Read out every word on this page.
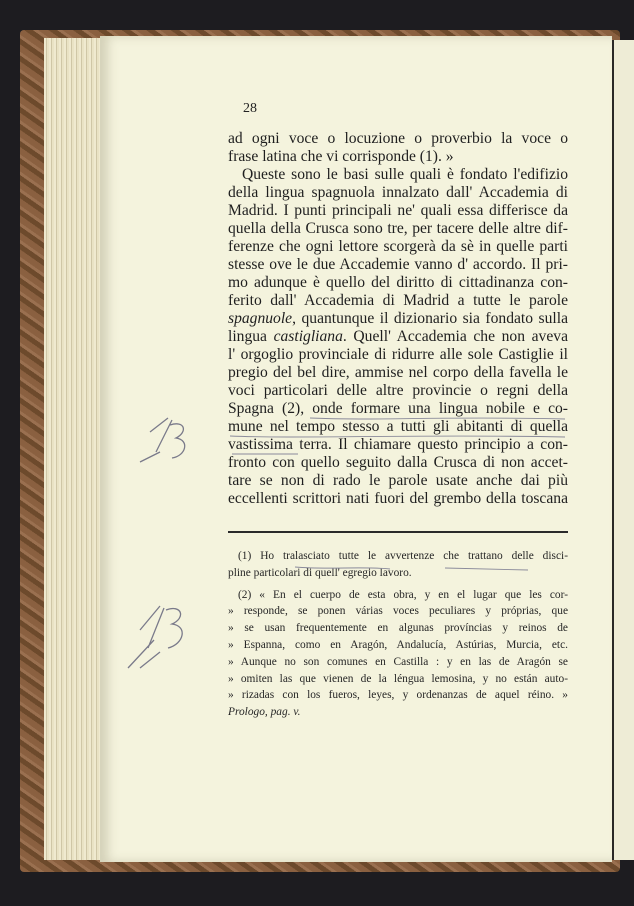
28
ad ogni voce o locuzione o proverbio la voce o
frase latina che vi corrisponde (1). »
Queste sono le basi sulle quali è fondato l'edifizio
della lingua spagnuola innalzato dall' Accademia di
Madrid. I punti principali ne' quali essa differisce da
quella della Crusca sono tre, per tacere delle altre dif-
ferenze che ogni lettore scorgerà da sè in quelle parti
stesse ove le due Accademie vanno d' accordo. Il pri-
mo adunque è quello del diritto di cittadinanza con-
ferito dall' Accademia di Madrid a tutte le parole
spagnuole, quantunque il dizionario sia fondato sulla
lingua castigliana. Quell' Accademia che non aveva
l' orgoglio provinciale di ridurre alle sole Castiglie il
pregio del bel dire, ammise nel corpo della favella le
voci particolari delle altre provincie o regni della
Spagna (2), onde formare una lingua nobile e co-
mune nel tempo stesso a tutti gli abitanti di quella
vastissima terra. Il chiamare questo principio a con-
fronto con quello seguito dalla Crusca di non accet-
tare se non di rado le parole usate anche dai più
eccellenti scrittori nati fuori del grembo della toscana
(1) Ho tralasciato tutte le avvertenze che trattano delle disci-
pline particolari di quell' egregio lavoro.
(2) « En el cuerpo de esta obra, y en el lugar que les cor-
» responde, se ponen várias voces peculiares y próprias, que
» se usan frequentemente en algunas províncias y reinos de
» Espanna, como en Aragón, Andalucía, Astúrias, Murcia, etc.
» Aunque no son comunes en Castilla : y en las de Aragón se
» omiten las que vienen de la léngua lemosina, y no están auto-
» rizadas con los fueros, leyes, y ordenanzas de aquel réino. »
Prologo, pag. v.
